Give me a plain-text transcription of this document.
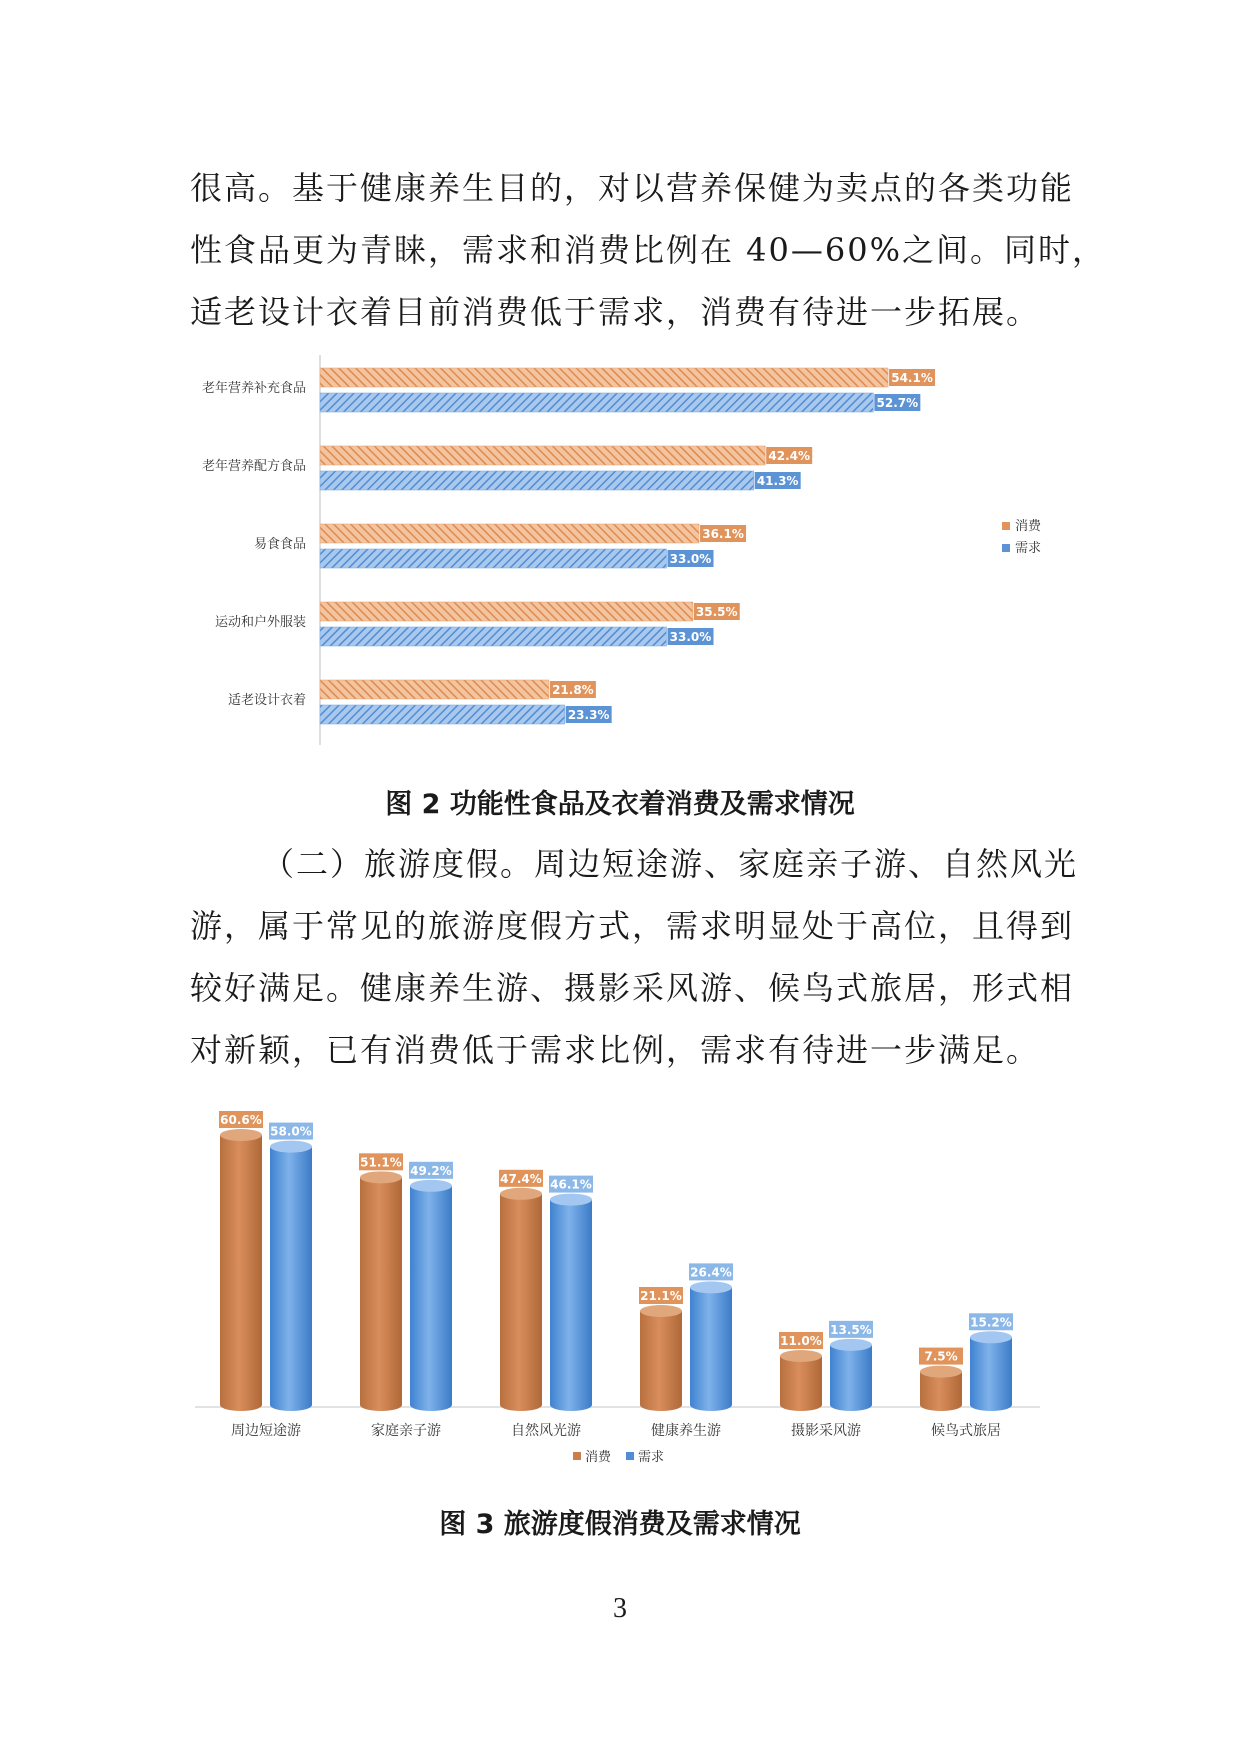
很高。基于健康养生目的，对以营养保健为卖点的各类功能
性食品更为青睐，需求和消费比例在 40—60%之间。同时，
适老设计衣着目前消费低于需求，消费有待进一步拓展。
老年营养补充食品
54.1%
52.7%
老年营养配方食品
42.4%
41.3%
易食食品
36.1%
33.0%
运动和户外服装
35.5%
33.0%
适老设计衣着
21.8%
23.3%
消费
需求
图 2 功能性食品及衣着消费及需求情况
（二）旅游度假。周边短途游、家庭亲子游、自然风光
游，属于常见的旅游度假方式，需求明显处于高位，且得到
较好满足。健康养生游、摄影采风游、候鸟式旅居，形式相
对新颖，已有消费低于需求比例，需求有待进一步满足。
60.6%
58.0%
周边短途游
51.1%
49.2%
家庭亲子游
47.4% 46.1%
自然风光游
21.1%
26.4%
健康养生游
11.0%
13.5%
摄影采风游
7.5%
15.2%
候鸟式旅居
消费 需求
图 3 旅游度假消费及需求情况
3
